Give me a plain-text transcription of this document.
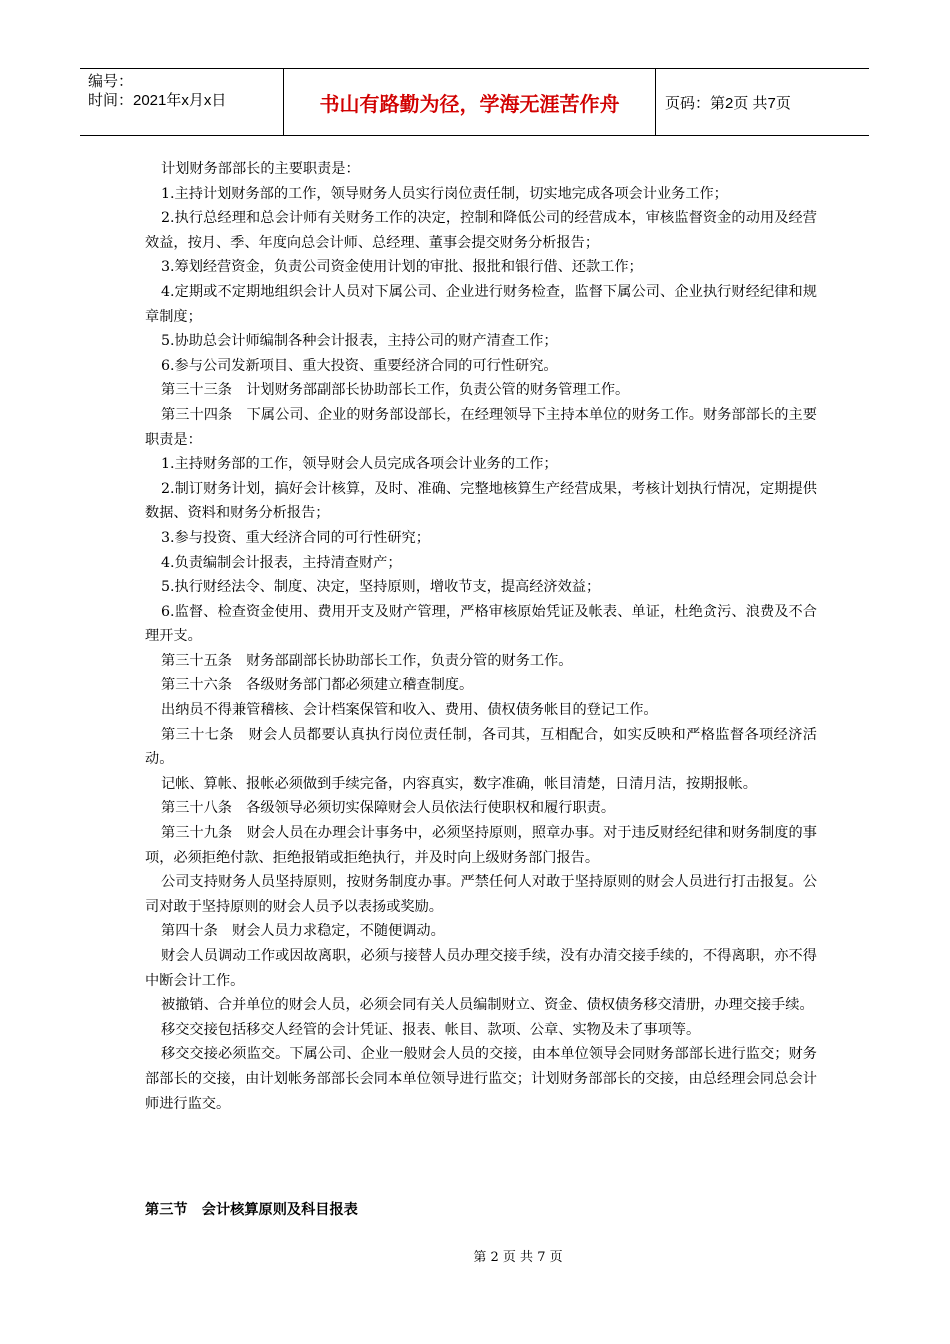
编号：
时间：2021年x月x日	书山有路勤为径，学海无涯苦作舟	页码：第2页 共7页

计划财务部部长的主要职责是：

1.主持计划财务部的工作，领导财务人员实行岗位责任制，切实地完成各项会计业务工作；

2.执行总经理和总会计师有关财务工作的决定，控制和降低公司的经营成本，审核监督资金的动用及经营效益，按月、季、年度向总会计师、总经理、董事会提交财务分析报告；

3.筹划经营资金，负责公司资金使用计划的审批、报批和银行借、还款工作；

4.定期或不定期地组织会计人员对下属公司、企业进行财务检查，监督下属公司、企业执行财经纪律和规章制度；

5.协助总会计师编制各种会计报表，主持公司的财产清查工作；

6.参与公司发新项目、重大投资、重要经济合同的可行性研究。

第三十三条　计划财务部副部长协助部长工作，负责公管的财务管理工作。

第三十四条　下属公司、企业的财务部设部长，在经理领导下主持本单位的财务工作。财务部部长的主要职责是：

1.主持财务部的工作，领导财会人员完成各项会计业务的工作；

2.制订财务计划，搞好会计核算，及时、准确、完整地核算生产经营成果，考核计划执行情况，定期提供数据、资料和财务分析报告；

3.参与投资、重大经济合同的可行性研究；

4.负责编制会计报表，主持清查财产；

5.执行财经法令、制度、决定，坚持原则，增收节支，提高经济效益；

6.监督、检查资金使用、费用开支及财产管理，严格审核原始凭证及帐表、单证，杜绝贪污、浪费及不合理开支。

第三十五条　财务部副部长协助部长工作，负责分管的财务工作。

第三十六条　各级财务部门都必须建立稽查制度。

出纳员不得兼管稽核、会计档案保管和收入、费用、债权债务帐目的登记工作。

第三十七条　财会人员都要认真执行岗位责任制，各司其，互相配合，如实反映和严格监督各项经济活动。

记帐、算帐、报帐必须做到手续完备，内容真实，数字准确，帐目清楚，日清月洁，按期报帐。

第三十八条　各级领导必须切实保障财会人员依法行使职权和履行职责。

第三十九条　财会人员在办理会计事务中，必须坚持原则，照章办事。对于违反财经纪律和财务制度的事项，必须拒绝付款、拒绝报销或拒绝执行，并及时向上级财务部门报告。

公司支持财务人员坚持原则，按财务制度办事。严禁任何人对敢于坚持原则的财会人员进行打击报复。公司对敢于坚持原则的财会人员予以表扬或奖励。

第四十条　财会人员力求稳定，不随便调动。

财会人员调动工作或因故离职，必须与接替人员办理交接手续，没有办清交接手续的，不得离职，亦不得中断会计工作。

被撤销、合并单位的财会人员，必须会同有关人员编制财立、资金、债权债务移交清册，办理交接手续。

移交交接包括移交人经管的会计凭证、报表、帐目、款项、公章、实物及未了事项等。

移交交接必须监交。下属公司、企业一般财会人员的交接，由本单位领导会同财务部部长进行监交；财务部部长的交接，由计划帐务部部长会同本单位领导进行监交；计划财务部部长的交接，由总经理会同总会计师进行监交。

第三节　会计核算原则及科目报表
第 2 页 共 7 页
